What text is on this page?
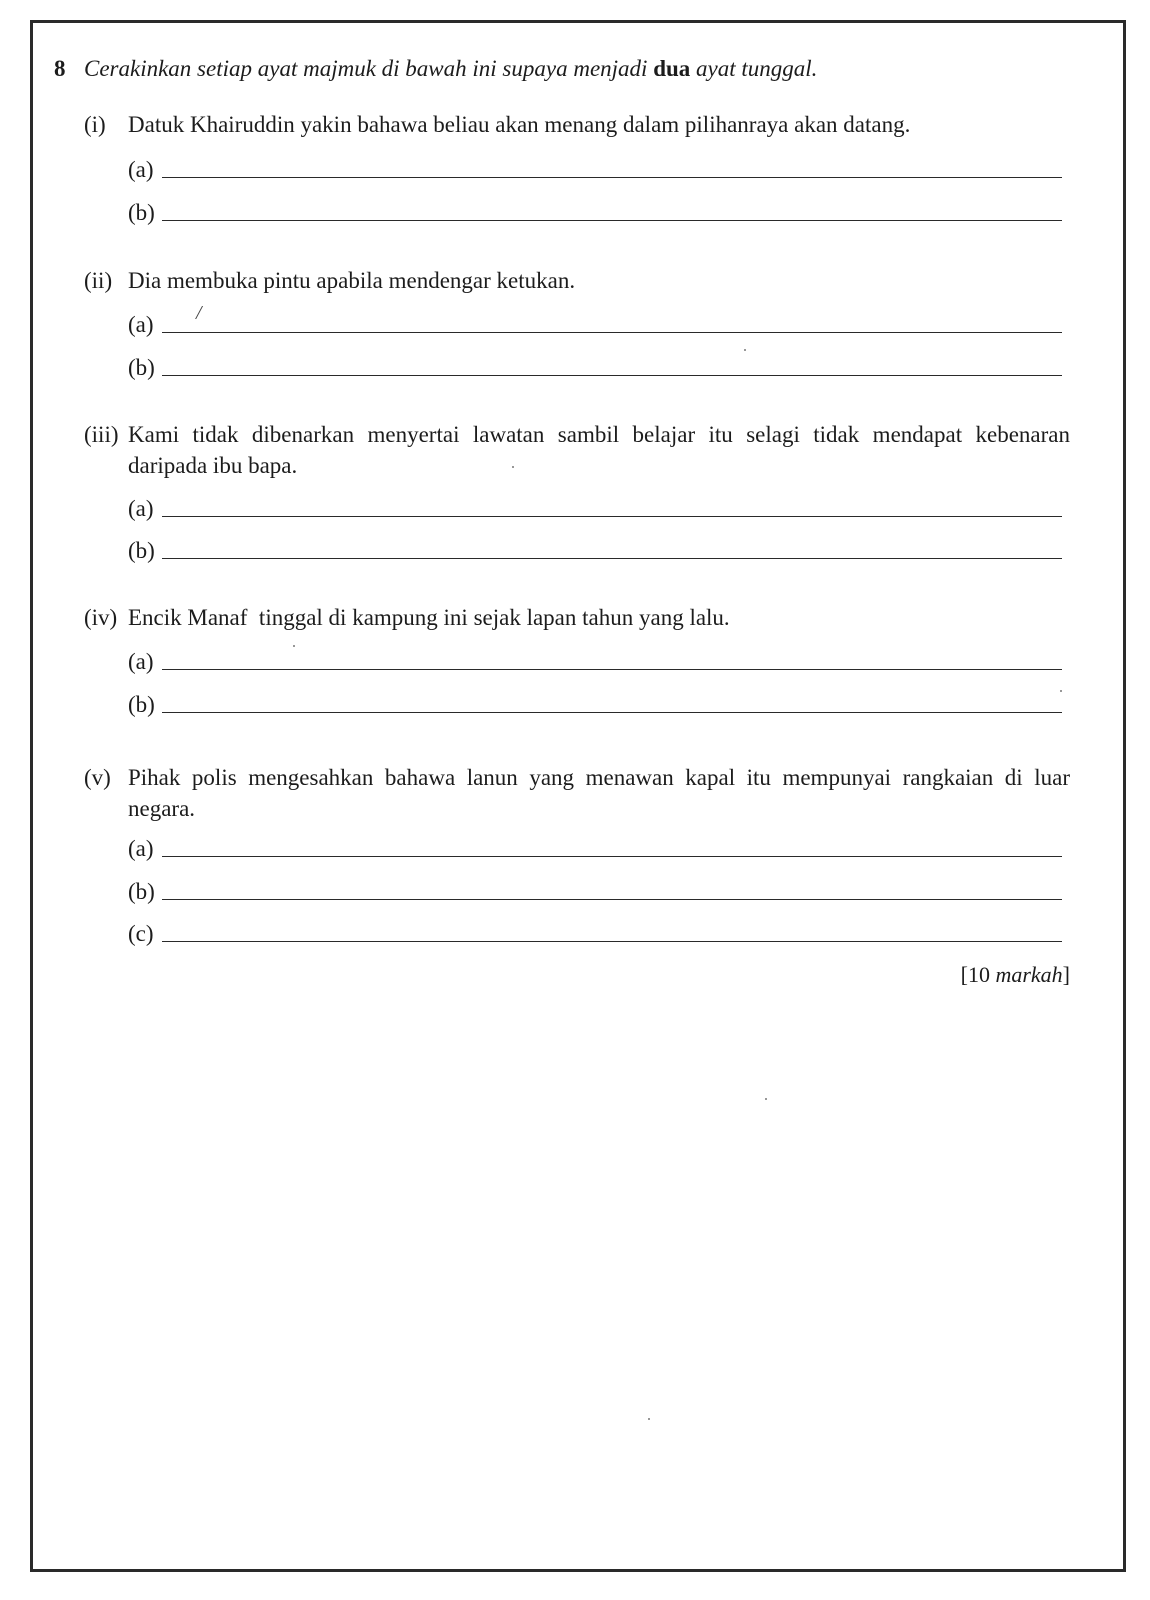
8 Cerakinkan setiap ayat majmuk di bawah ini supaya menjadi dua ayat tunggal.
(i) Datuk Khairuddin yakin bahawa beliau akan menang dalam pilihanraya akan datang.
(a)
(b)
(ii) Dia membuka pintu apabila mendengar ketukan.
(a) /
(b)
(iii) Kami tidak dibenarkan menyertai lawatan sambil belajar itu selagi tidak mendapat kebenaran
daripada ibu bapa.
(a)
(b)
(iv) Encik Manaf  tinggal di kampung ini sejak lapan tahun yang lalu.
(a)
(b)
(v) Pihak polis mengesahkan bahawa lanun yang menawan kapal itu mempunyai rangkaian di luar
negara.
(a)
(b)
(c)
[10 markah]
